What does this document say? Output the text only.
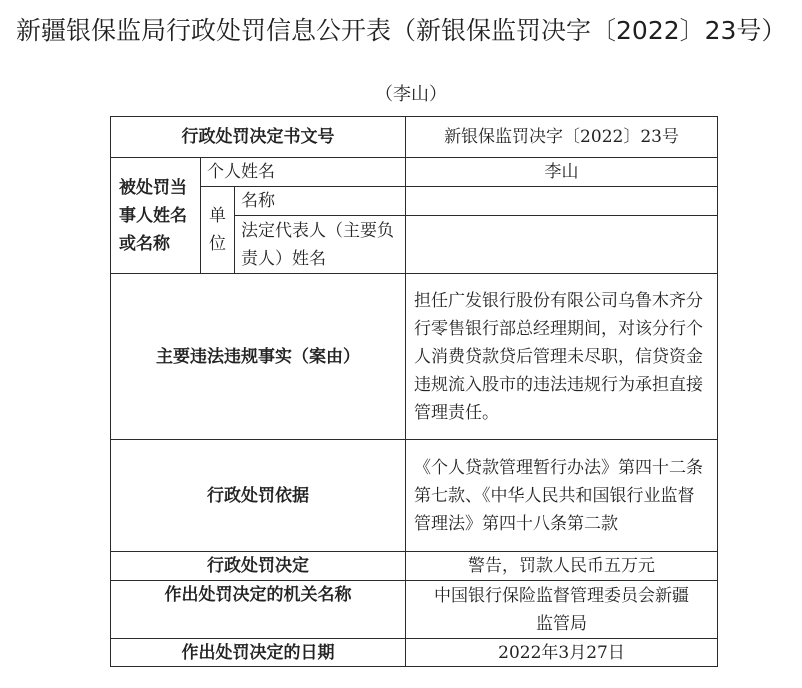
新疆银保监局行政处罚信息公开表（新银保监罚决字〔2022〕23号）
（李山）
行政处罚决定书文号			新银保监罚决字〔2022〕23号
被处罚当事人姓名或名称	个人姓名		李山
	单位	名称	
		法定代表人（主要负责人）姓名	

主要违法违规事实（案由）			担任广发银行股份有限公司乌鲁木齐分行零售银行部总经理期间，对该分行个人消费贷款贷后管理未尽职，信贷资金违规流入股市的违法违规行为承担直接管理责任。
行政处罚依据			《个人贷款管理暂行办法》第四十二条第七款、《中华人民共和国银行业监督管理法》第四十八条第二款
行政处罚决定			警告，罚款人民币五万元
作出处罚决定的机关名称			中国银行保险监督管理委员会新疆监管局
作出处罚决定的日期			2022年3月27日
